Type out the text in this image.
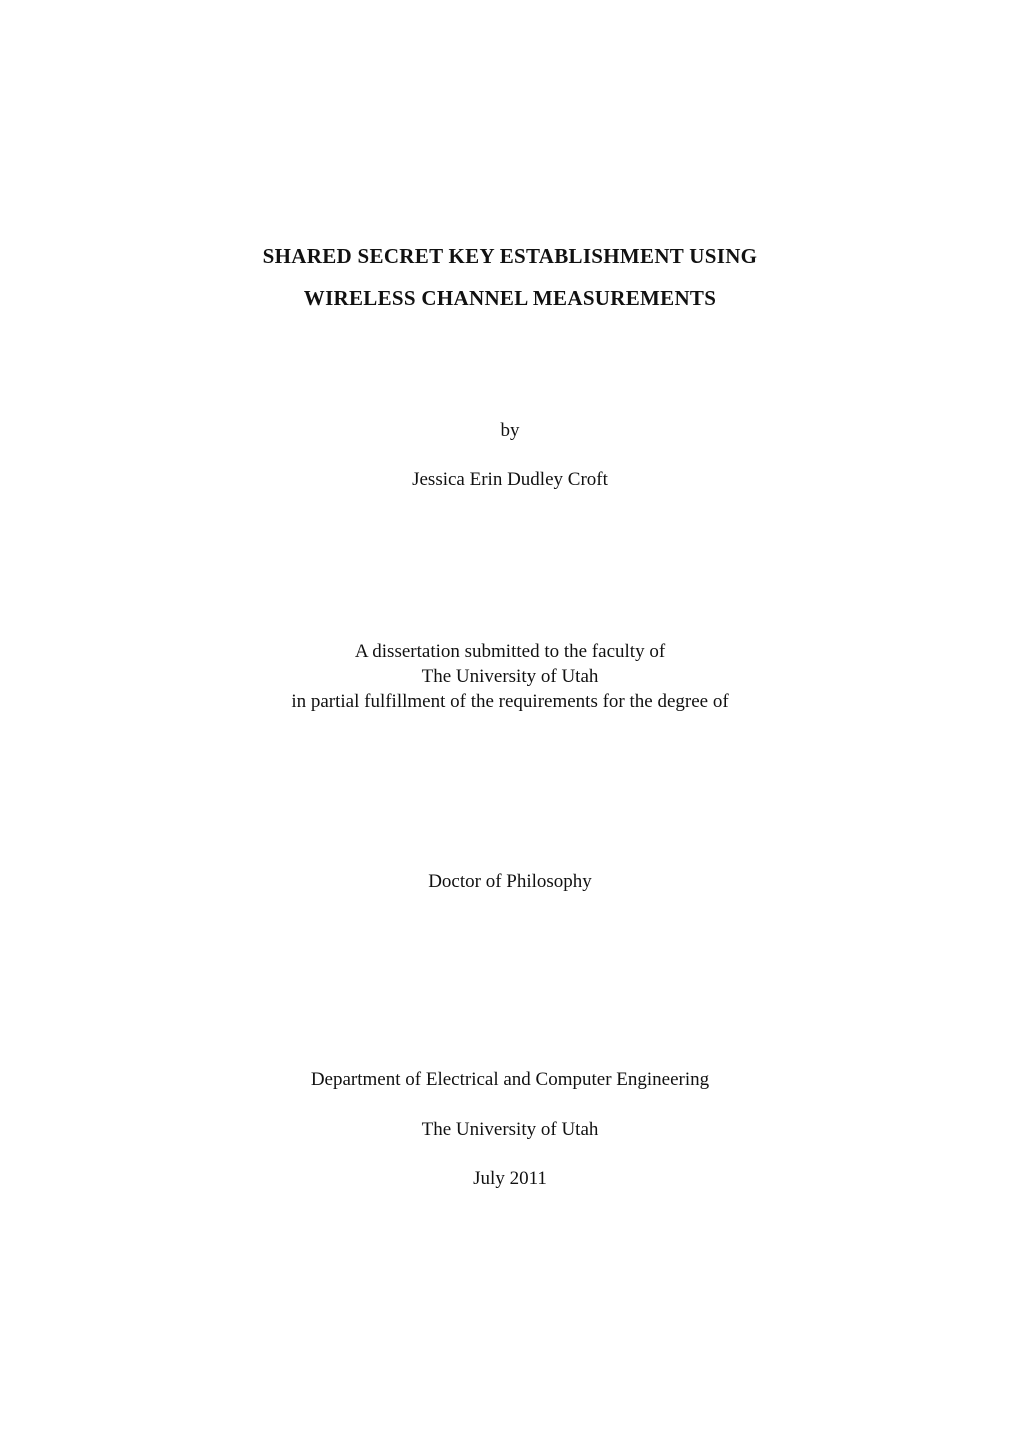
SHARED SECRET KEY ESTABLISHMENT USING
WIRELESS CHANNEL MEASUREMENTS
by
Jessica Erin Dudley Croft
A dissertation submitted to the faculty of
The University of Utah
in partial fulfillment of the requirements for the degree of
Doctor of Philosophy
Department of Electrical and Computer Engineering
The University of Utah
July 2011
